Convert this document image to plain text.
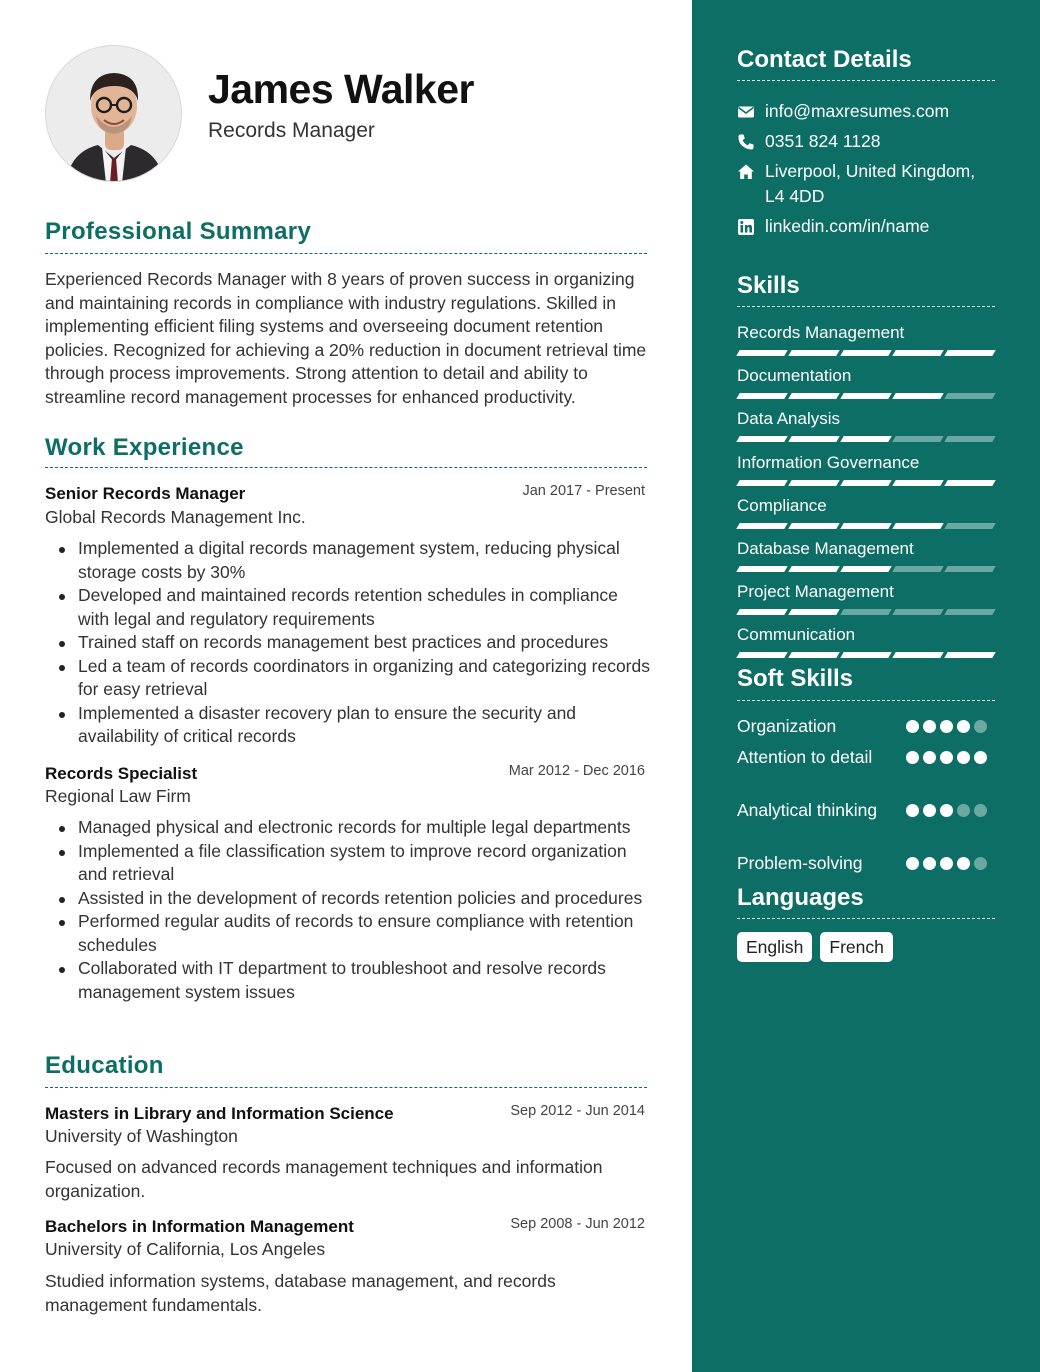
James Walker
Records Manager
Professional Summary
Experienced Records Manager with 8 years of proven success in organizing and maintaining records in compliance with industry regulations. Skilled in implementing efficient filing systems and overseeing document retention policies. Recognized for achieving a 20% reduction in document retrieval time through process improvements. Strong attention to detail and ability to streamline record management processes for enhanced productivity.
Work Experience
Senior Records Manager	Jan 2017 - Present
Global Records Management Inc.
Implemented a digital records management system, reducing physical storage costs by 30%
Developed and maintained records retention schedules in compliance with legal and regulatory requirements
Trained staff on records management best practices and procedures
Led a team of records coordinators in organizing and categorizing records for easy retrieval
Implemented a disaster recovery plan to ensure the security and availability of critical records
Records Specialist	Mar 2012 - Dec 2016
Regional Law Firm
Managed physical and electronic records for multiple legal departments
Implemented a file classification system to improve record organization and retrieval
Assisted in the development of records retention policies and procedures
Performed regular audits of records to ensure compliance with retention schedules
Collaborated with IT department to troubleshoot and resolve records management system issues
Education
Masters in Library and Information Science	Sep 2012 - Jun 2014
University of Washington
Focused on advanced records management techniques and information organization.
Bachelors in Information Management	Sep 2008 - Jun 2012
University of California, Los Angeles
Studied information systems, database management, and records management fundamentals.
Contact Details
info@maxresumes.com
0351 824 1128
Liverpool, United Kingdom, L4 4DD
linkedin.com/in/name
Skills
Records Management
Documentation
Data Analysis
Information Governance
Compliance
Database Management
Project Management
Communication
Soft Skills
Organization
Attention to detail
Analytical thinking
Problem-solving
Languages
English	French
